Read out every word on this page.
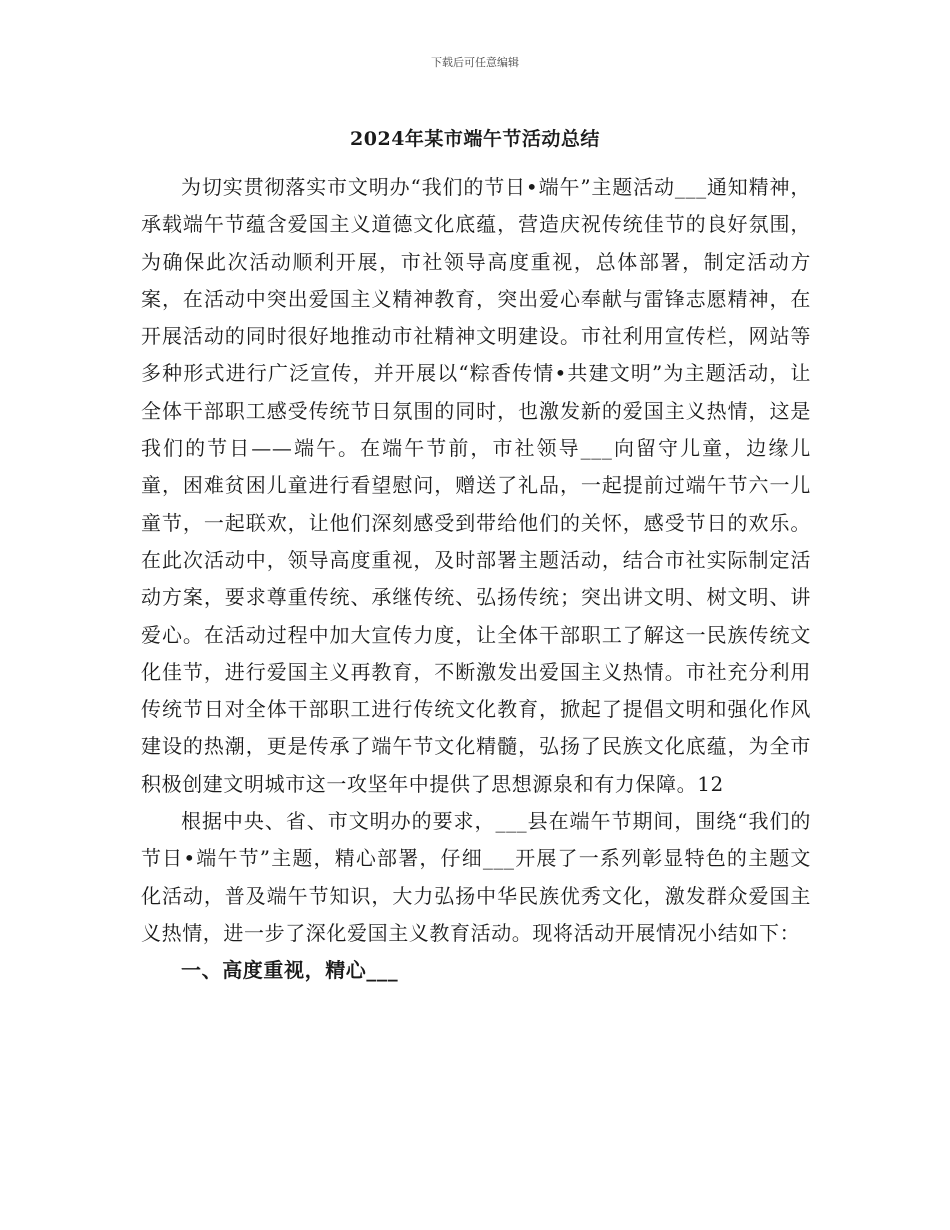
下载后可任意编辑
2024年某市端午节活动总结

为切实贯彻落实市文明办“我们的节日•端午”主题活动___通知精神，承载端午节蕴含爱国主义道德文化底蕴，营造庆祝传统佳节的良好氛围，为确保此次活动顺利开展，市社领导高度重视，总体部署，制定活动方案，在活动中突出爱国主义精神教育，突出爱心奉献与雷锋志愿精神，在开展活动的同时很好地推动市社精神文明建设。市社利用宣传栏，网站等多种形式进行广泛宣传，并开展以“粽香传情•共建文明”为主题活动，让全体干部职工感受传统节日氛围的同时，也激发新的爱国主义热情，这是我们的节日——端午。在端午节前，市社领导___向留守儿童，边缘儿童，困难贫困儿童进行看望慰问，赠送了礼品，一起提前过端午节六一儿童节，一起联欢，让他们深刻感受到带给他们的关怀，感受节日的欢乐。在此次活动中，领导高度重视，及时部署主题活动，结合市社实际制定活动方案，要求尊重传统、承继传统、弘扬传统；突出讲文明、树文明、讲爱心。在活动过程中加大宣传力度，让全体干部职工了解这一民族传统文化佳节，进行爱国主义再教育，不断激发出爱国主义热情。市社充分利用传统节日对全体干部职工进行传统文化教育，掀起了提倡文明和强化作风建设的热潮，更是传承了端午节文化精髓，弘扬了民族文化底蕴，为全市积极创建文明城市这一攻坚年中提供了思想源泉和有力保障。12

根据中央、省、市文明办的要求，___县在端午节期间，围绕“我们的节日•端午节”主题，精心部署，仔细___开展了一系列彰显特色的主题文化活动，普及端午节知识，大力弘扬中华民族优秀文化，激发群众爱国主义热情，进一步了深化爱国主义教育活动。现将活动开展情况小结如下：

一、高度重视，精心___
